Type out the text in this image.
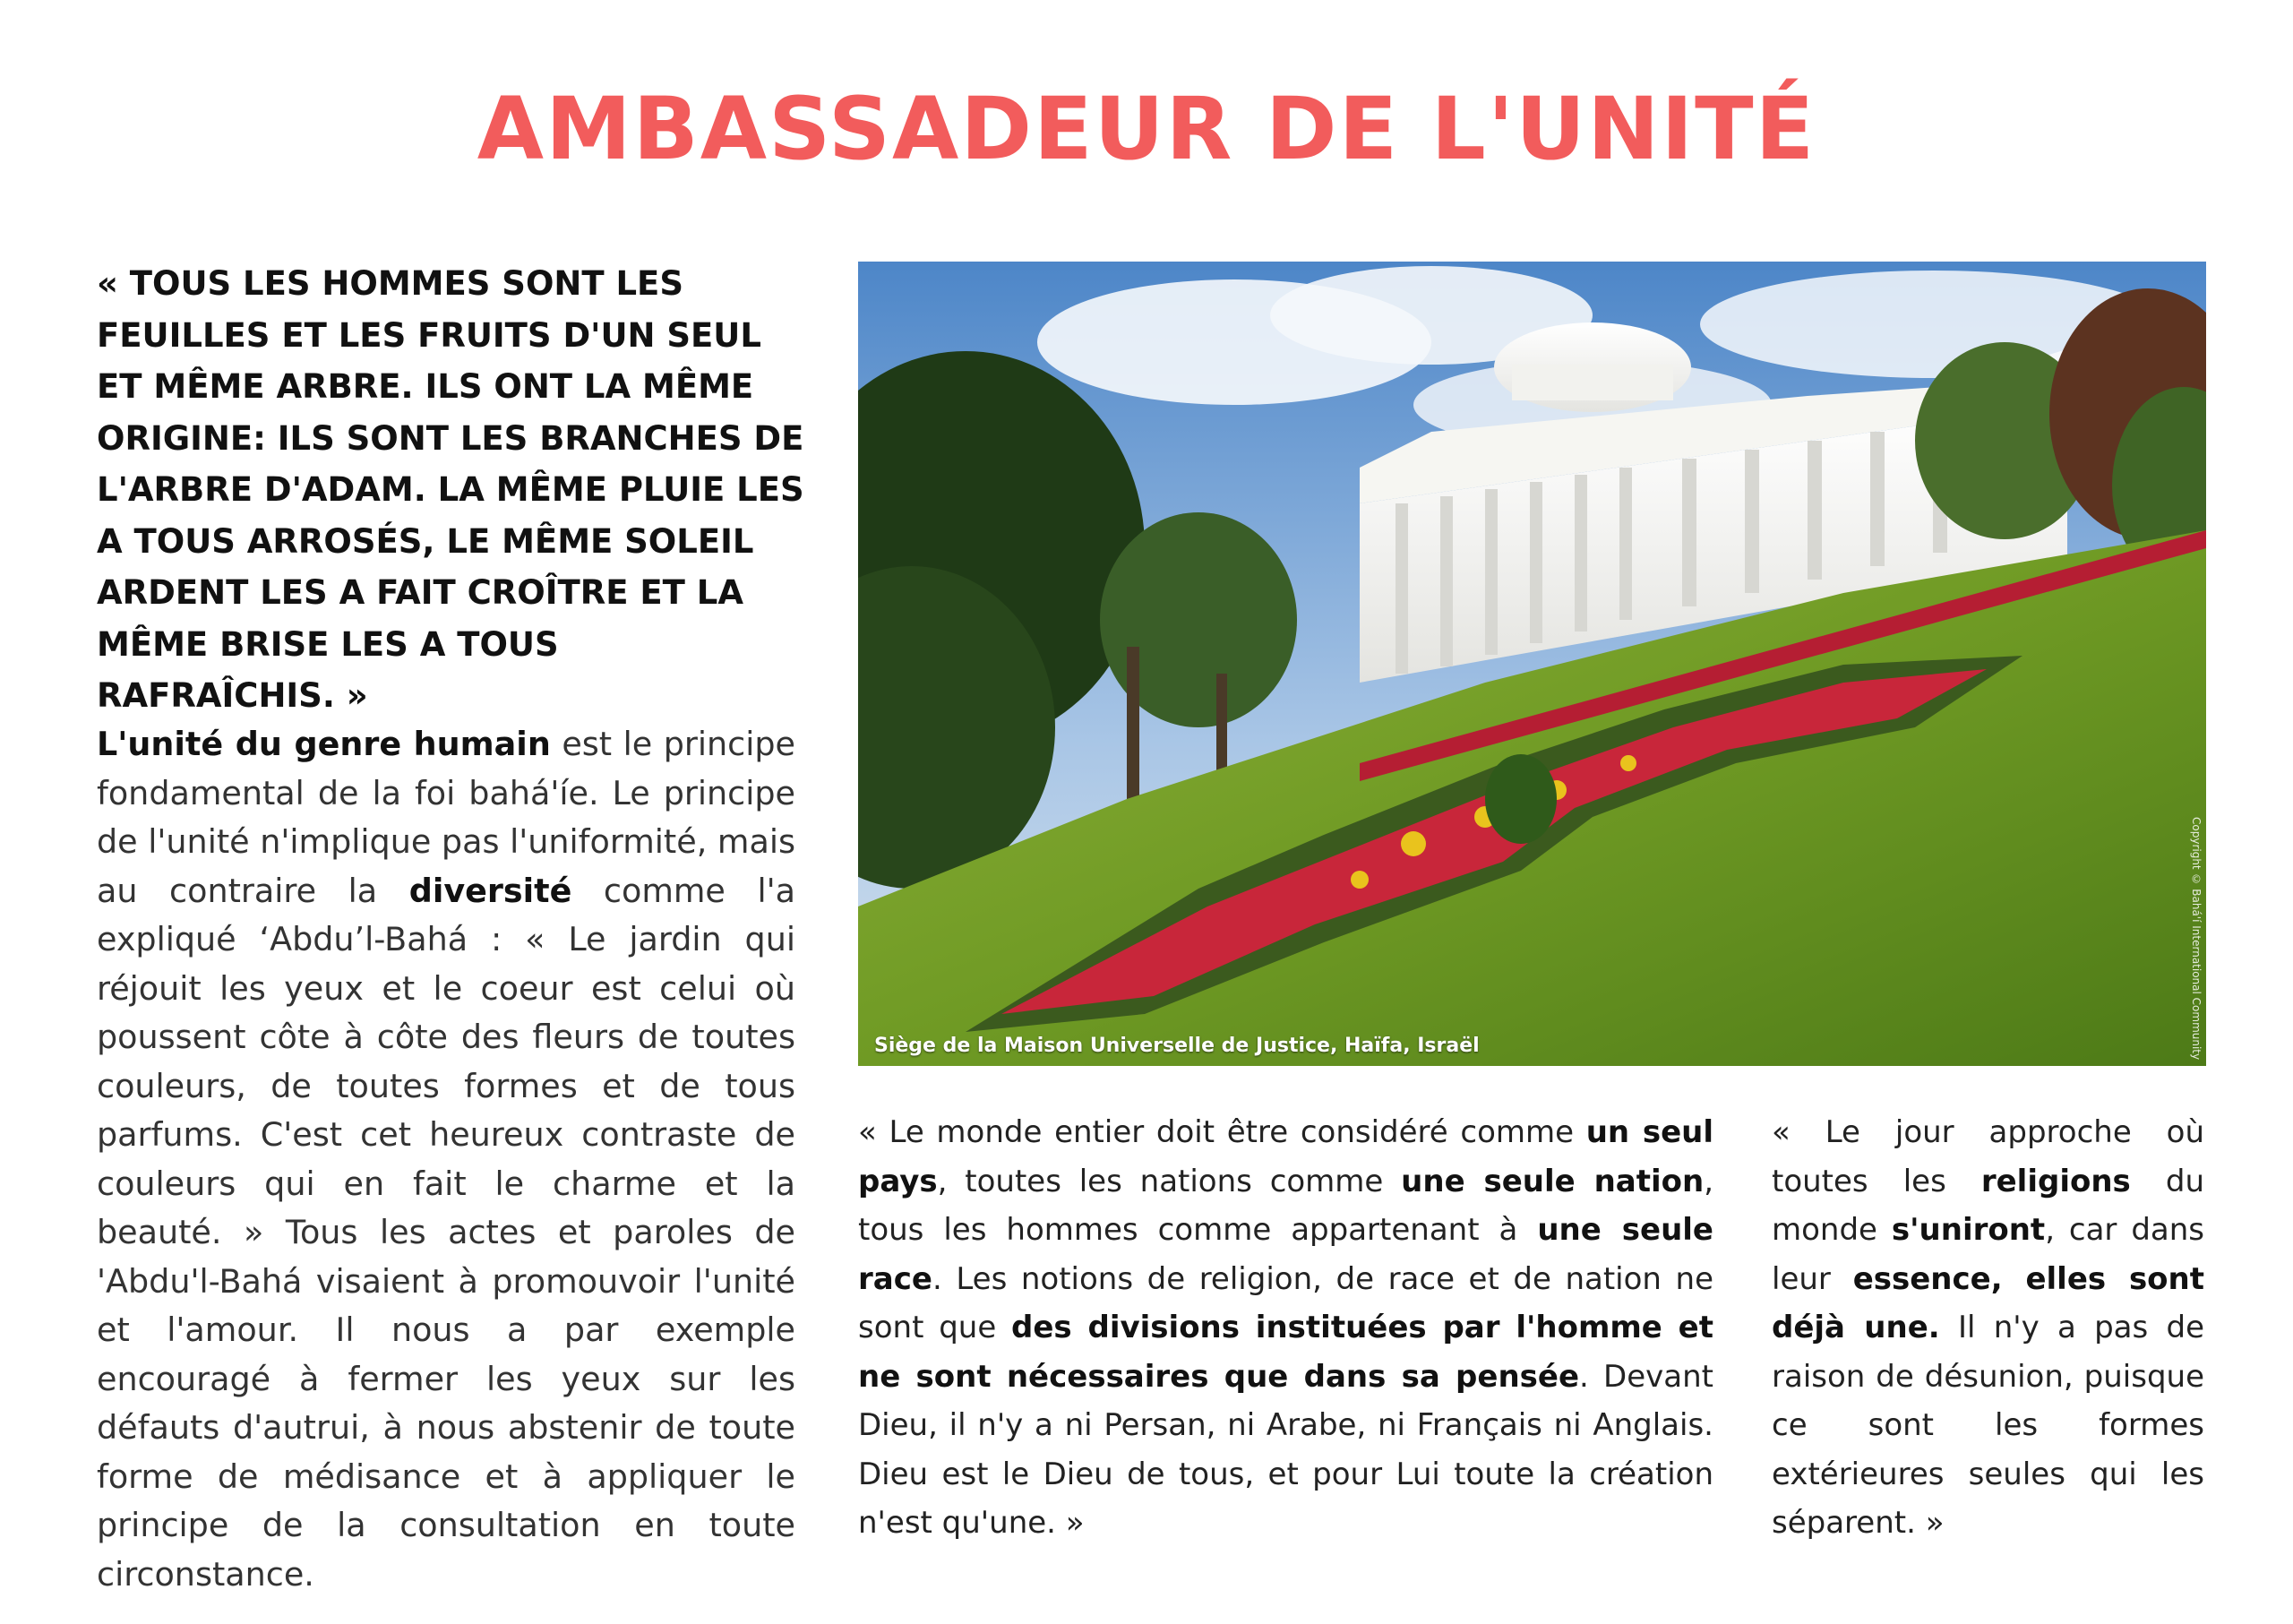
AMBASSADEUR DE L'UNITÉ

« TOUS LES HOMMES SONT LES FEUILLES ET LES FRUITS D'UN SEUL ET MÊME ARBRE. ILS ONT LA MÊME ORIGINE: ILS SONT LES BRANCHES DE L'ARBRE D'ADAM. LA MÊME PLUIE LES A TOUS ARROSÉS, LE MÊME SOLEIL ARDENT LES A FAIT CROÎTRE ET LA MÊME BRISE LES A TOUS RAFRAÎCHIS. »

L'unité du genre humain est le principe fondamental de la foi bahá'íe. Le principe de l'unité n'implique pas l'uniformité, mais au contraire la diversité comme l'a expliqué ‘Abdu’l-Bahá : « Le jardin qui réjouit les yeux et le coeur est celui où poussent côte à côte des fleurs de toutes couleurs, de toutes formes et de tous parfums. C'est cet heureux contraste de couleurs qui en fait le charme et la beauté. » Tous les actes et paroles de 'Abdu'l-Bahá visaient à promouvoir l'unité et l'amour. Il nous a par exemple encouragé à fermer les yeux sur les défauts d'autrui, à nous abstenir de toute forme de médisance et à appliquer le principe de la consultation en toute circonstance.

Siège de la Maison Universelle de Justice, Haïfa, Israël	Copyright © Bahá'í International Community

« Le monde entier doit être considéré comme un seul pays, toutes les nations comme une seule nation, tous les hommes comme appartenant à une seule race. Les notions de religion, de race et de nation ne sont que des divisions instituées par l'homme et ne sont nécessaires que dans sa pensée. Devant Dieu, il n'y a ni Persan, ni Arabe, ni Français ni Anglais. Dieu est le Dieu de tous, et pour Lui toute la création n'est qu'une. »

« Le jour approche où toutes les religions du monde s'uniront, car dans leur essence, elles sont déjà une. Il n'y a pas de raison de désunion, puisque ce sont les formes extérieures seules qui les séparent. »
